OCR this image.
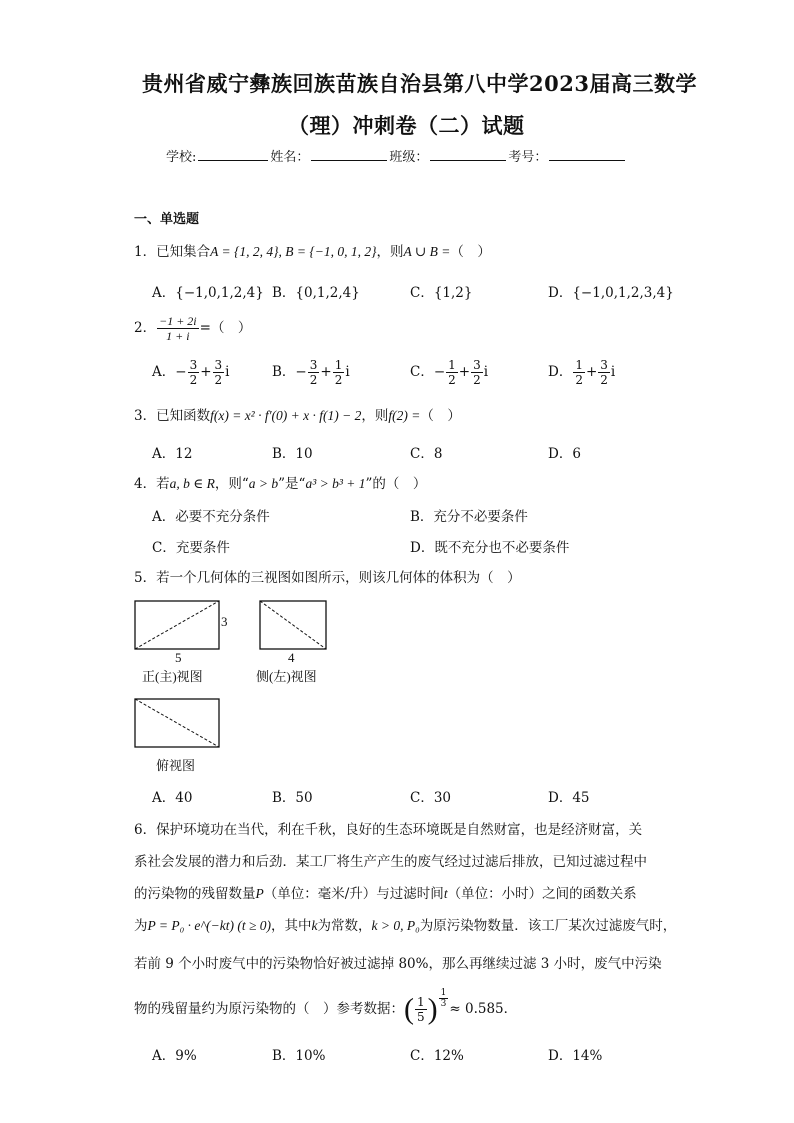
贵州省威宁彝族回族苗族自治县第八中学2023届高三数学
（理）冲刺卷（二）试题
学校:	姓名：	班级：	考号：
一、单选题
1．已知集合A = {1, 2, 4}, B = {−1, 0, 1, 2}，则A ∪ B =（　）
A．{−1,0,1,2,4} B．{0,1,2,4}	C．{1,2}	D．{−1,0,1,2,3,4}
2． $\frac{-1 + 2i}{1 + i}$ =（　）
A．− $\frac{3}{2} + \frac{3}{2}$ i	B．− $\frac{3}{2} + \frac{1}{2}$ i	C．− $\frac{1}{2} + \frac{3}{2}$ i	D． $\frac{1}{2} + \frac{3}{2}$ i
3．已知函数f(x) = x² · f′(0) + x · f(1) − 2，则f(2) =（　）
A．12	B．10	C．8	D．6
4．若a, b ∈ R，则“a > b”是“a³ > b³ + 1”的（　）
A．必要不充分条件	B．充分不必要条件
C．充要条件	D．既不充分也不必要条件
5．若一个几何体的三视图如图所示，则该几何体的体积为（　）
3
5
正(主)视图
4
侧(左)视图
俯视图
A．40	B．50	C．30	D．45
6．保护环境功在当代，利在千秋，良好的生态环境既是自然财富，也是经济财富，关
系社会发展的潜力和后劲．某工厂将生产产生的废气经过过滤后排放，已知过滤过程中
的污染物的残留数量P（单位：毫米/升）与过滤时间t（单位：小时）之间的函数关系
为P = P₀ · e^(−kt) (t ≥ 0)，其中k为常数，k > 0, P₀为原污染物数量．该工厂某次过滤废气时，
若前 9 个小时废气中的污染物恰好被过滤掉 80%，那么再继续过滤 3 小时，废气中污染
物的残留量约为原污染物的（　）参考数据：( $\frac{1}{5}$ ) $\frac{1}{3} \approx 0.585$．
A．9%	B．10%	C．12%	D．14%
